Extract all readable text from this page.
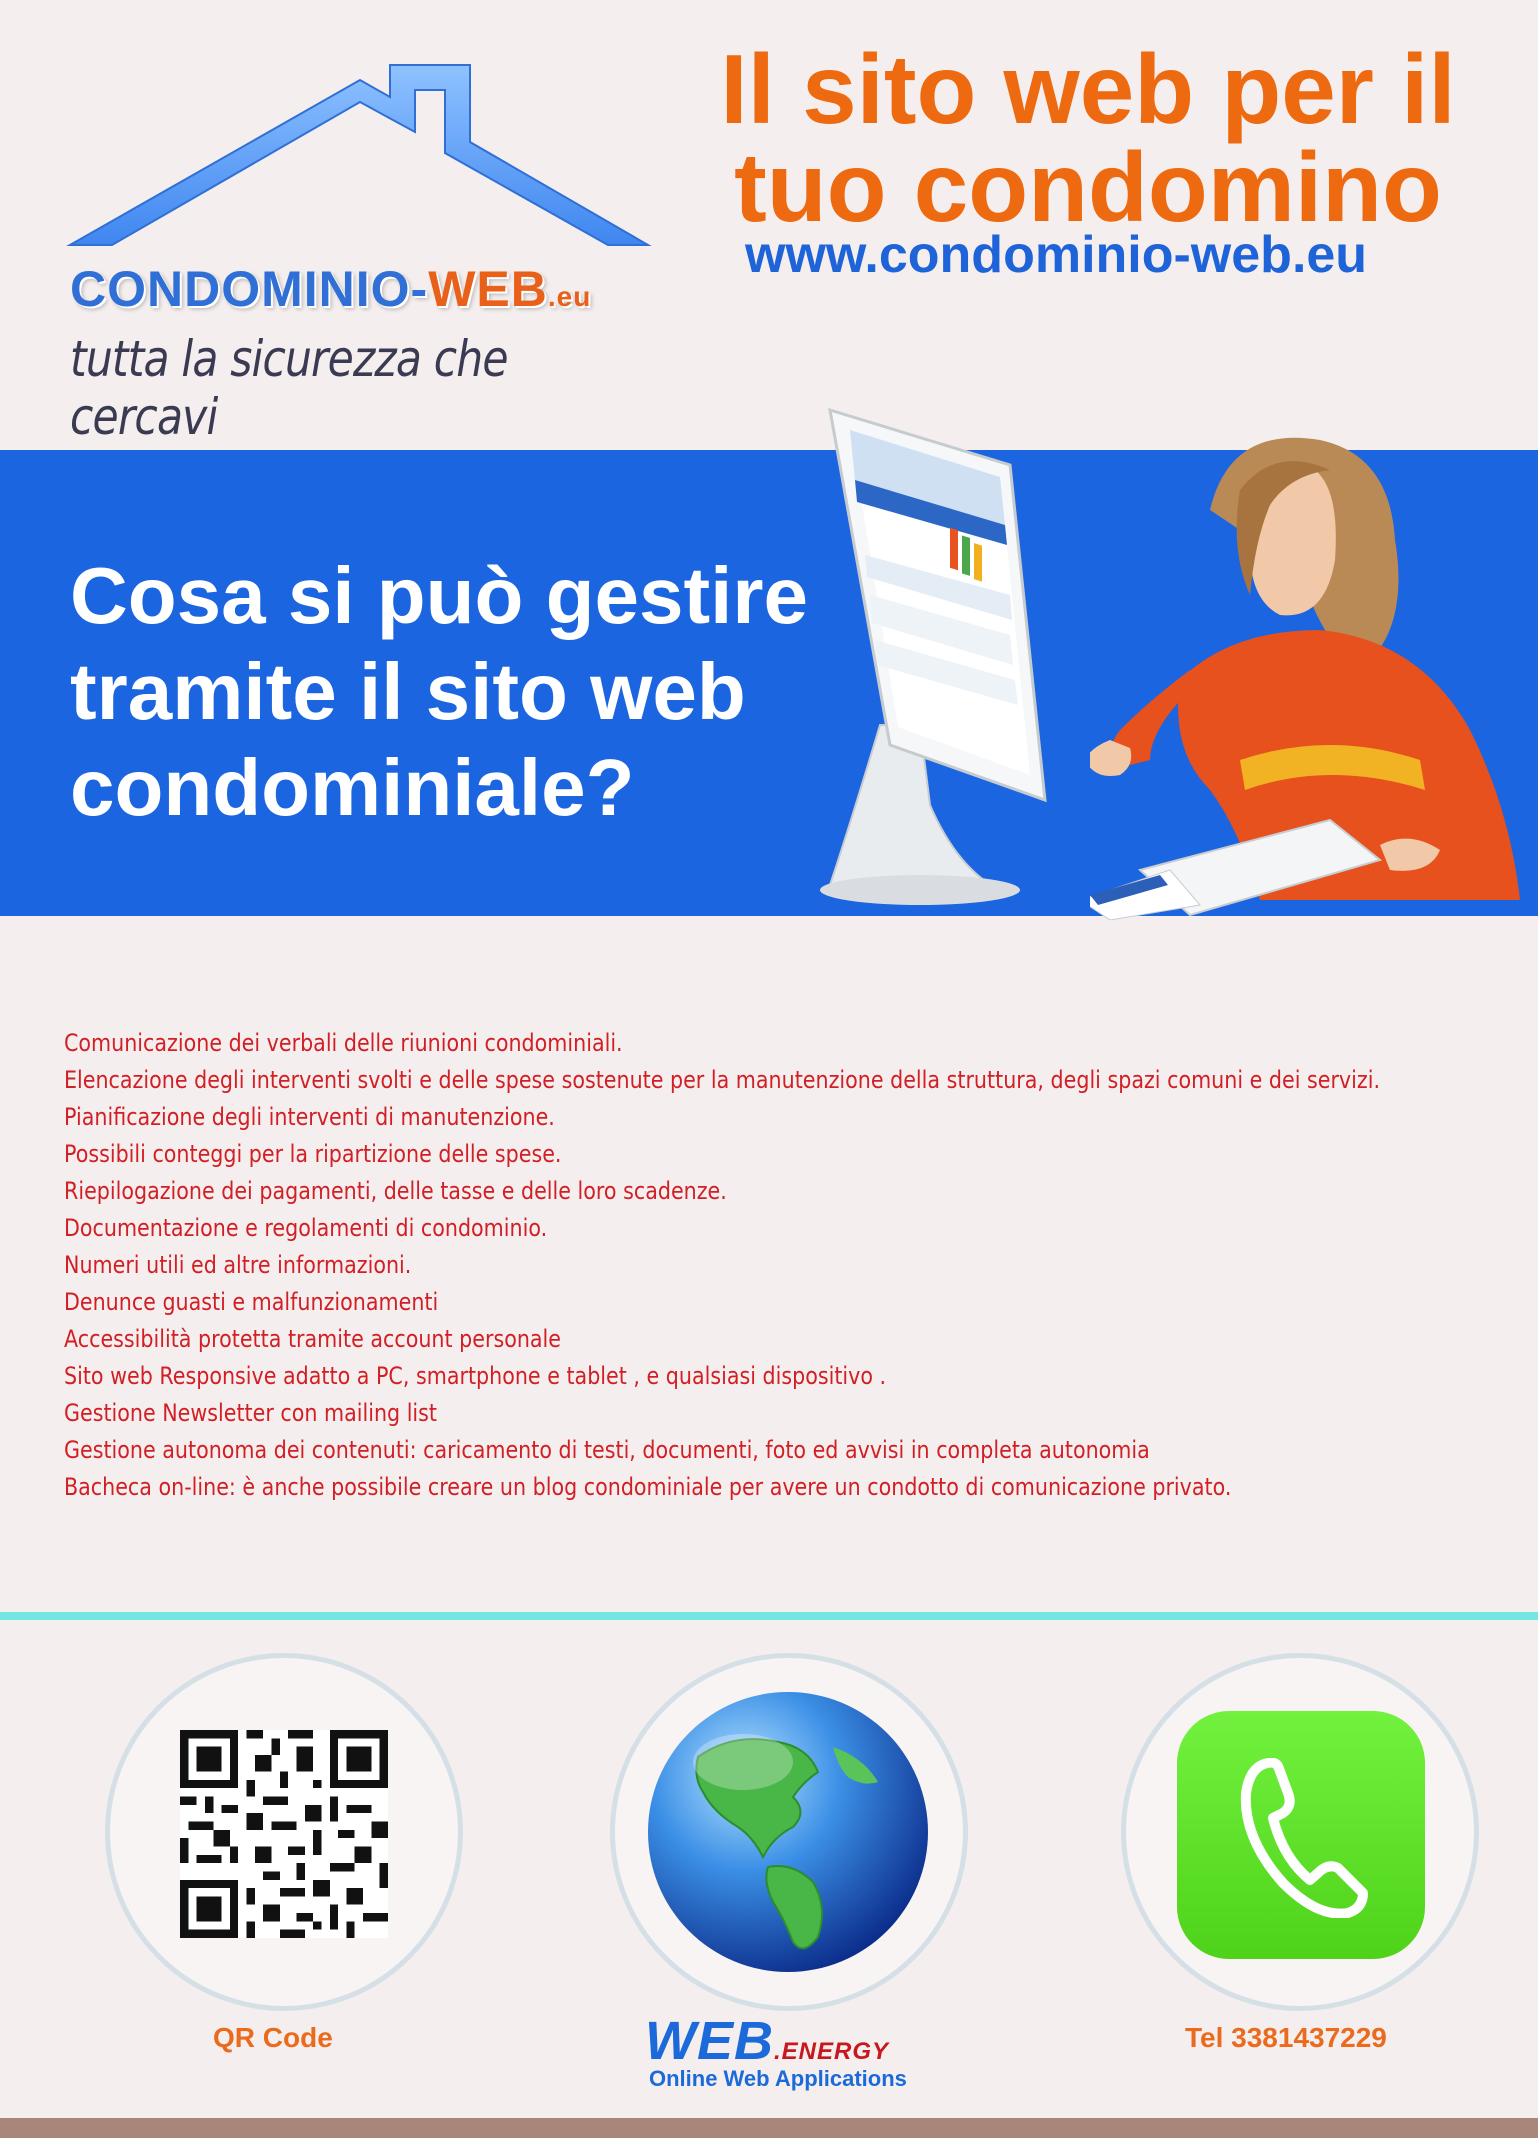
CONDOMINIO-WEB.eu
tutta la sicurezza che cercavi
Il sito web per il
tuo condomino
www.condominio-web.eu
Cosa si può gestire
tramite il sito web
condominiale?
Comunicazione dei verbali delle riunioni condominiali.
Elencazione degli interventi svolti e delle spese sostenute per la manutenzione della struttura, degli spazi comuni e dei servizi.
Pianificazione degli interventi di manutenzione.
Possibili conteggi per la ripartizione delle spese.
Riepilogazione dei pagamenti, delle tasse e delle loro scadenze.
Documentazione e regolamenti di condominio.
Numeri utili ed altre informazioni.
Denunce guasti e malfunzionamenti
Accessibilità protetta tramite account personale
Sito web Responsive adatto a PC, smartphone e tablet , e qualsiasi dispositivo .
Gestione Newsletter con mailing list
Gestione autonoma dei contenuti: caricamento di testi, documenti, foto ed avvisi in completa autonomia
Bacheca on-line: è anche possibile creare un blog condominiale per avere un condotto di comunicazione privato.
QR Code	WEB.ENERGY
Online Web Applications
Tel 3381437229
